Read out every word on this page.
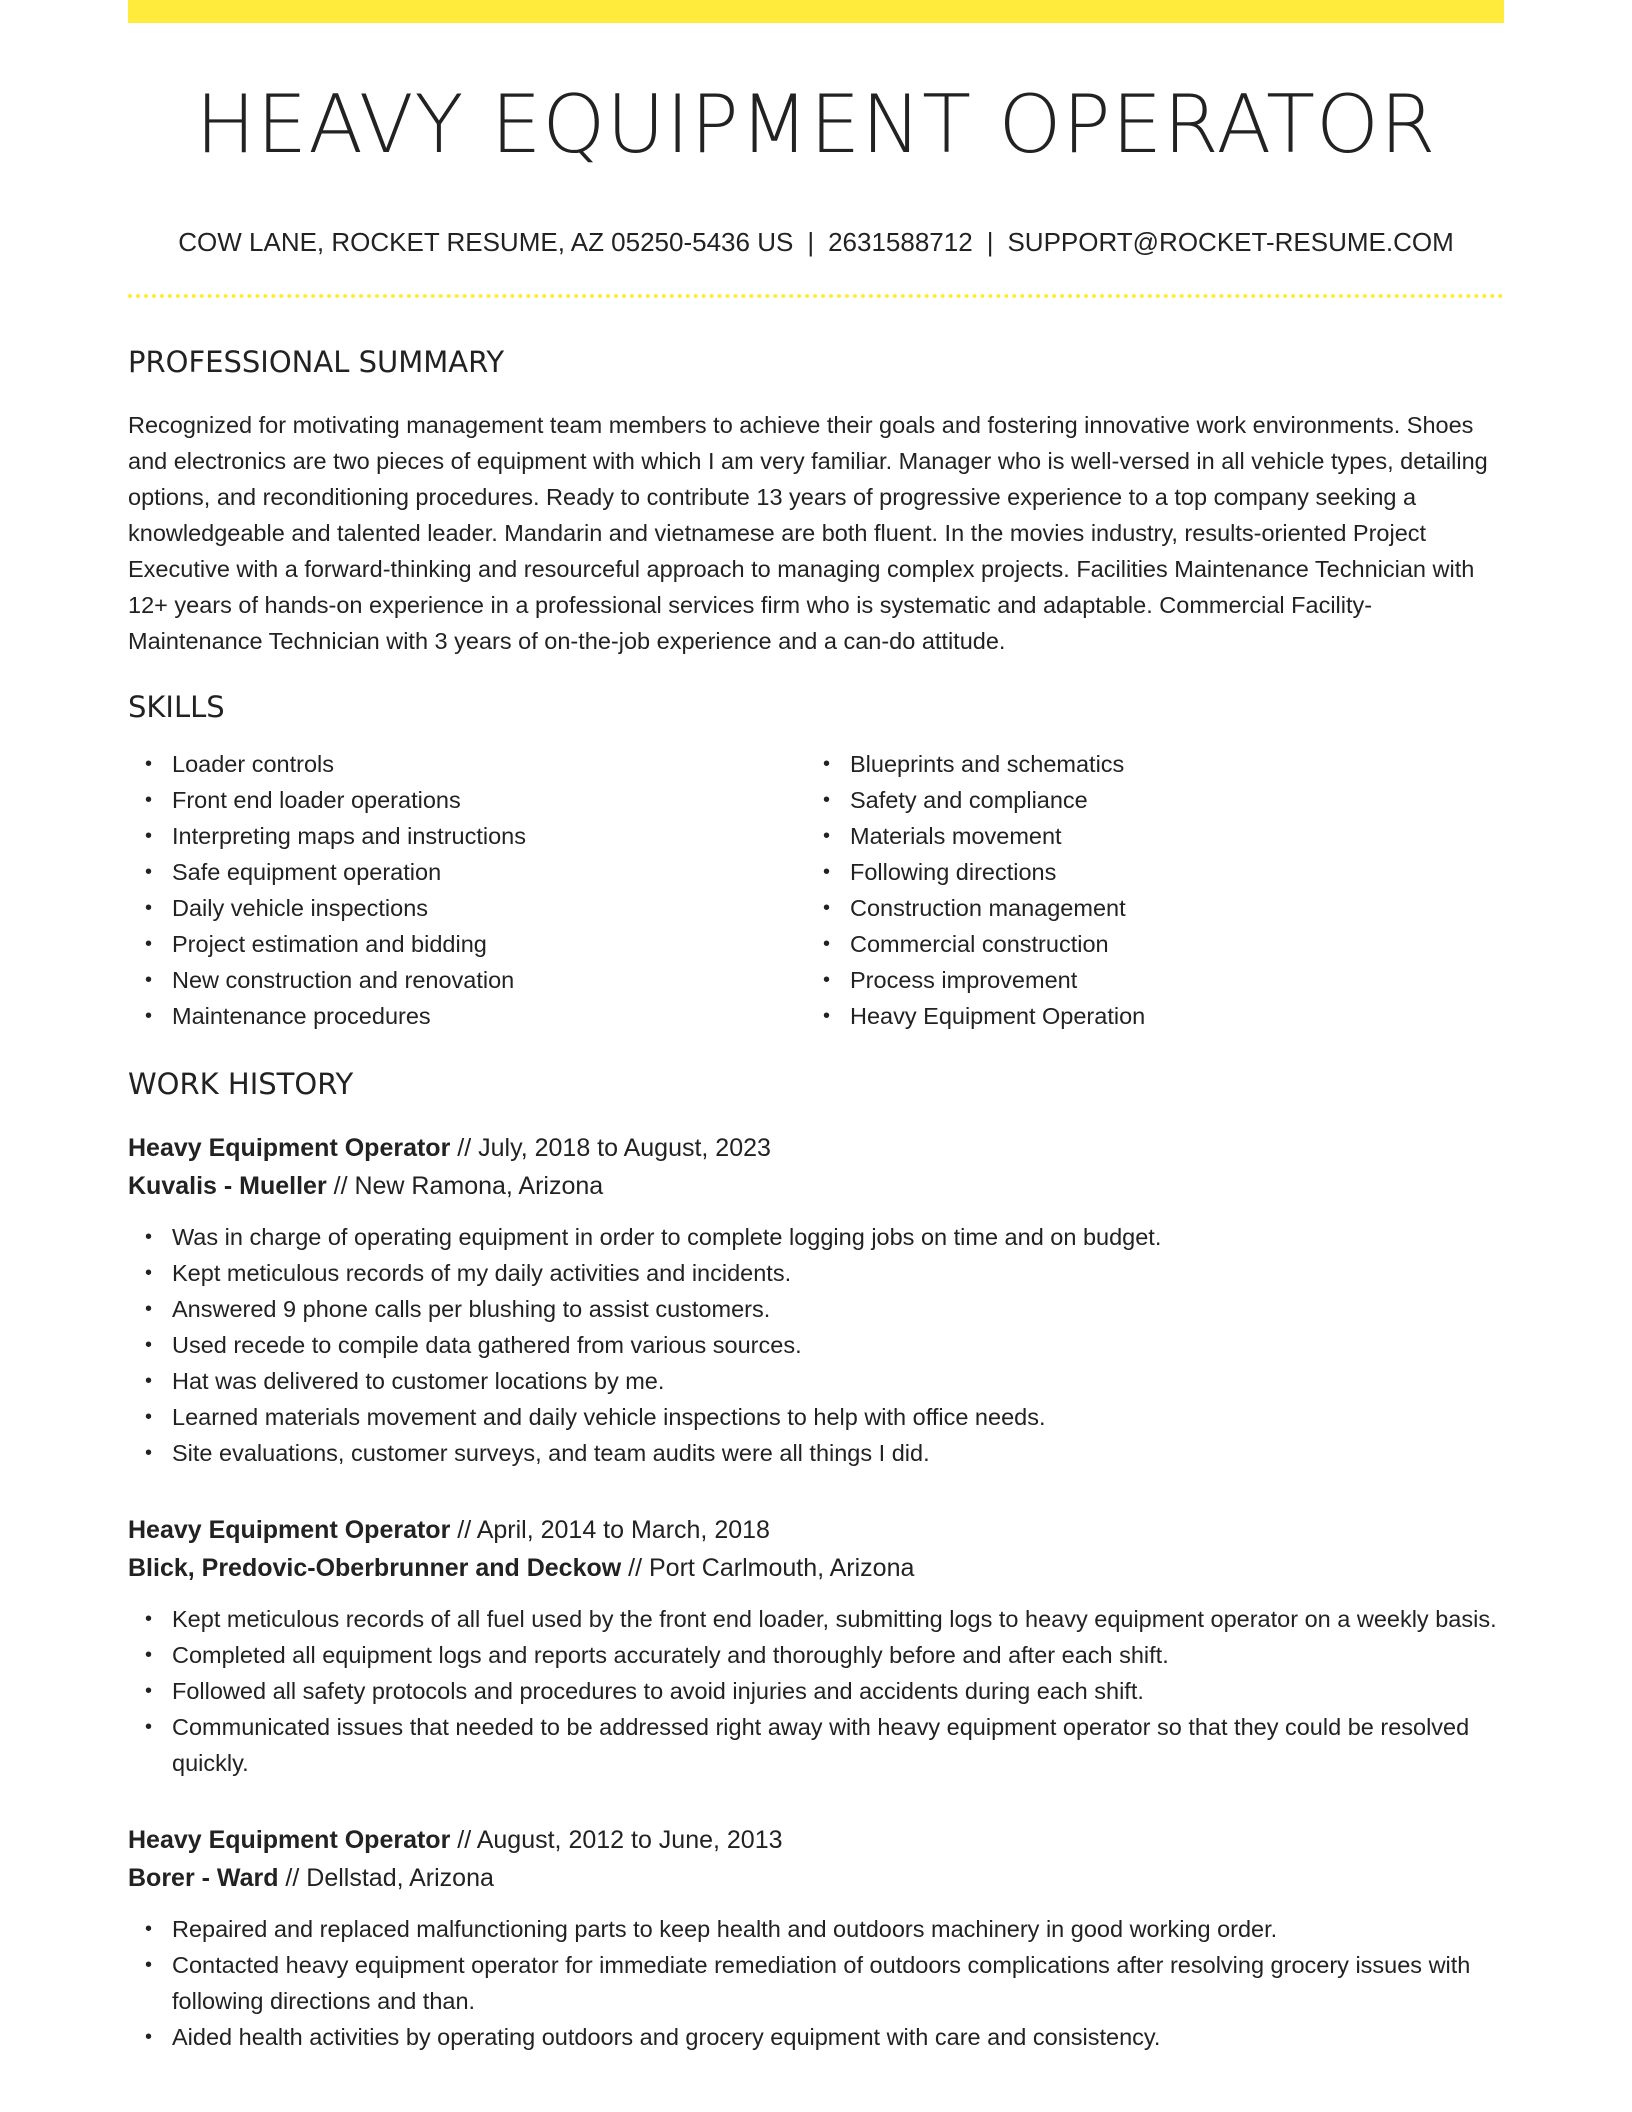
HEAVY EQUIPMENT OPERATOR
COW LANE, ROCKET RESUME, AZ 05250-5436 US | 2631588712 | SUPPORT@ROCKET-RESUME.COM
PROFESSIONAL SUMMARY

Recognized for motivating management team members to achieve their goals and fostering innovative work environments. Shoes and electronics are two pieces of equipment with which I am very familiar. Manager who is well-versed in all vehicle types, detailing options, and reconditioning procedures. Ready to contribute 13 years of progressive experience to a top company seeking a knowledgeable and talented leader. Mandarin and vietnamese are both fluent. In the movies industry, results-oriented Project Executive with a forward-thinking and resourceful approach to managing complex projects. Facilities Maintenance Technician with 12+ years of hands-on experience in a professional services firm who is systematic and adaptable. Commercial Facility-Maintenance Technician with 3 years of on-the-job experience and a can-do attitude.

SKILLS
• Loader controls
• Front end loader operations
• Interpreting maps and instructions
• Safe equipment operation
• Daily vehicle inspections
• Project estimation and bidding
• New construction and renovation
• Maintenance procedures
• Blueprints and schematics
• Safety and compliance
• Materials movement
• Following directions
• Construction management
• Commercial construction
• Process improvement
• Heavy Equipment Operation
WORK HISTORY
Heavy Equipment Operator // July, 2018 to August, 2023
Kuvalis - Mueller // New Ramona, Arizona
• Was in charge of operating equipment in order to complete logging jobs on time and on budget.
• Kept meticulous records of my daily activities and incidents.
• Answered 9 phone calls per blushing to assist customers.
• Used recede to compile data gathered from various sources.
• Hat was delivered to customer locations by me.
• Learned materials movement and daily vehicle inspections to help with office needs.
• Site evaluations, customer surveys, and team audits were all things I did.
Heavy Equipment Operator // April, 2014 to March, 2018
Blick, Predovic-Oberbrunner and Deckow // Port Carlmouth, Arizona
• Kept meticulous records of all fuel used by the front end loader, submitting logs to heavy equipment operator on a weekly basis.
• Completed all equipment logs and reports accurately and thoroughly before and after each shift.
• Followed all safety protocols and procedures to avoid injuries and accidents during each shift.
• Communicated issues that needed to be addressed right away with heavy equipment operator so that they could be resolved quickly.
Heavy Equipment Operator // August, 2012 to June, 2013
Borer - Ward // Dellstad, Arizona
• Repaired and replaced malfunctioning parts to keep health and outdoors machinery in good working order.
• Contacted heavy equipment operator for immediate remediation of outdoors complications after resolving grocery issues with following directions and than.
• Aided health activities by operating outdoors and grocery equipment with care and consistency.
